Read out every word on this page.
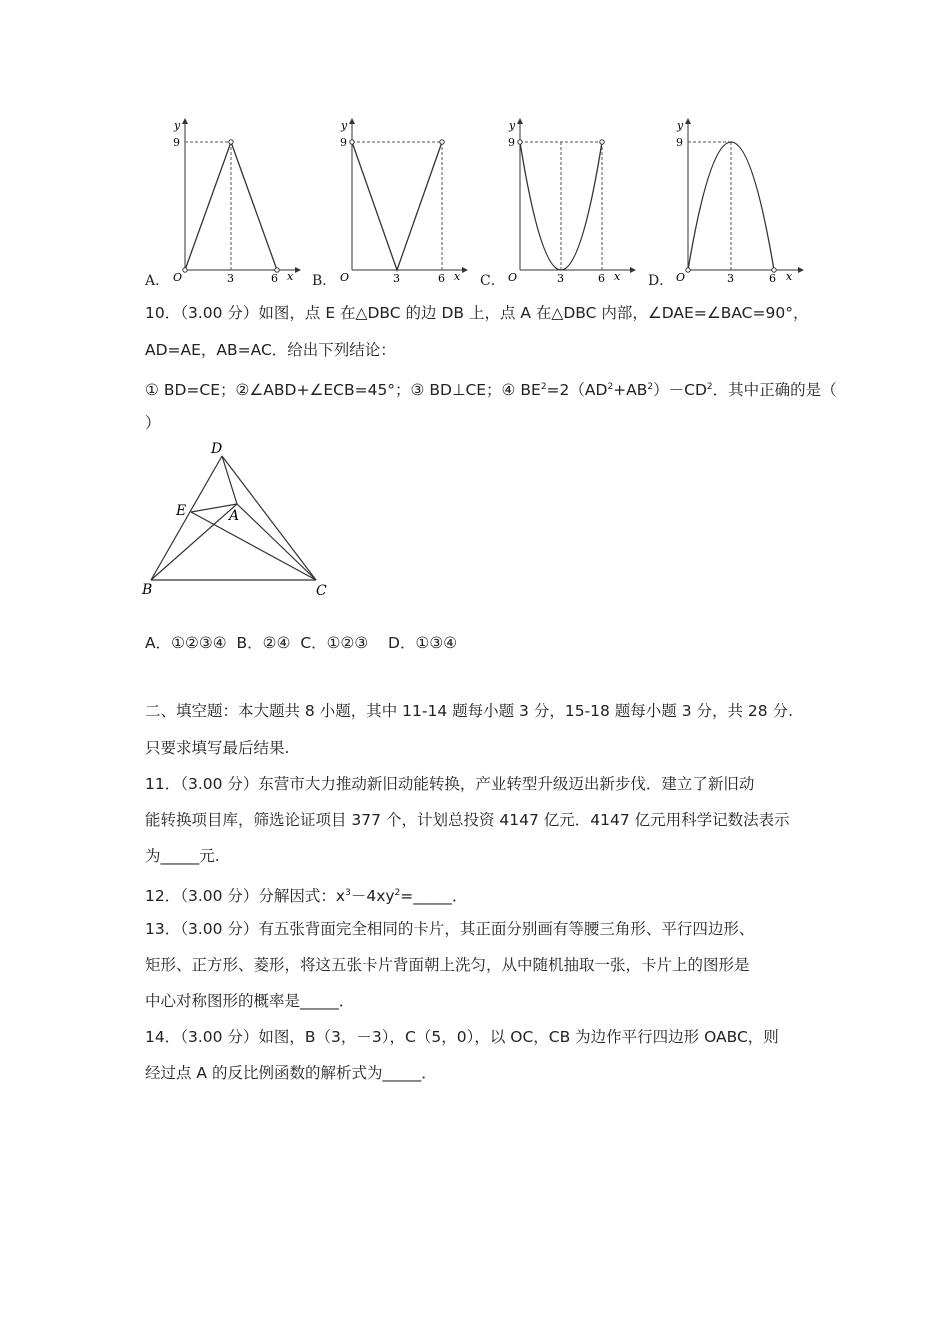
A．	B．	C．	D．
y
9
O	3	6 x
y
9
O	3	6 x
y
9
O	3	6 x
y
9
O	3	6 x
10．（3.00 分）如图，点 E 在△DBC 的边 DB 上，点 A 在△DBC 内部，∠DAE=∠BAC=90°，
AD=AE，AB=AC．给出下列结论：
① BD=CE；②∠ABD+∠ECB=45°；③ BD⊥CE；④ $BE^2=2(AD^2+AB^2)-CD^2$．其中正确的是（
）
D
E	A
B	C
A．①②③④  B．②④  C．①②③    D．①③④
二、填空题：本大题共 8 小题，其中 11-14 题每小题 3 分，15-18 题每小题 3 分，共 28 分.
只要求填写最后结果.
11．（3.00 分）东营市大力推动新旧动能转换，产业转型升级迈出新步伐．建立了新旧动
能转换项目库，筛选论证项目 377 个，计划总投资 4147 亿元．4147 亿元用科学记数法表示
为_____元.
12．（3.00 分）分解因式：$x^3-4xy^2=\_\_\_\_\_$．
13．（3.00 分）有五张背面完全相同的卡片，其正面分别画有等腰三角形、平行四边形、
矩形、正方形、菱形，将这五张卡片背面朝上洗匀，从中随机抽取一张，卡片上的图形是
中心对称图形的概率是_____．
14．（3.00 分）如图，B（3，－3），C（5，0），以 OC，CB 为边作平行四边形 OABC，则
经过点 A 的反比例函数的解析式为_____．
